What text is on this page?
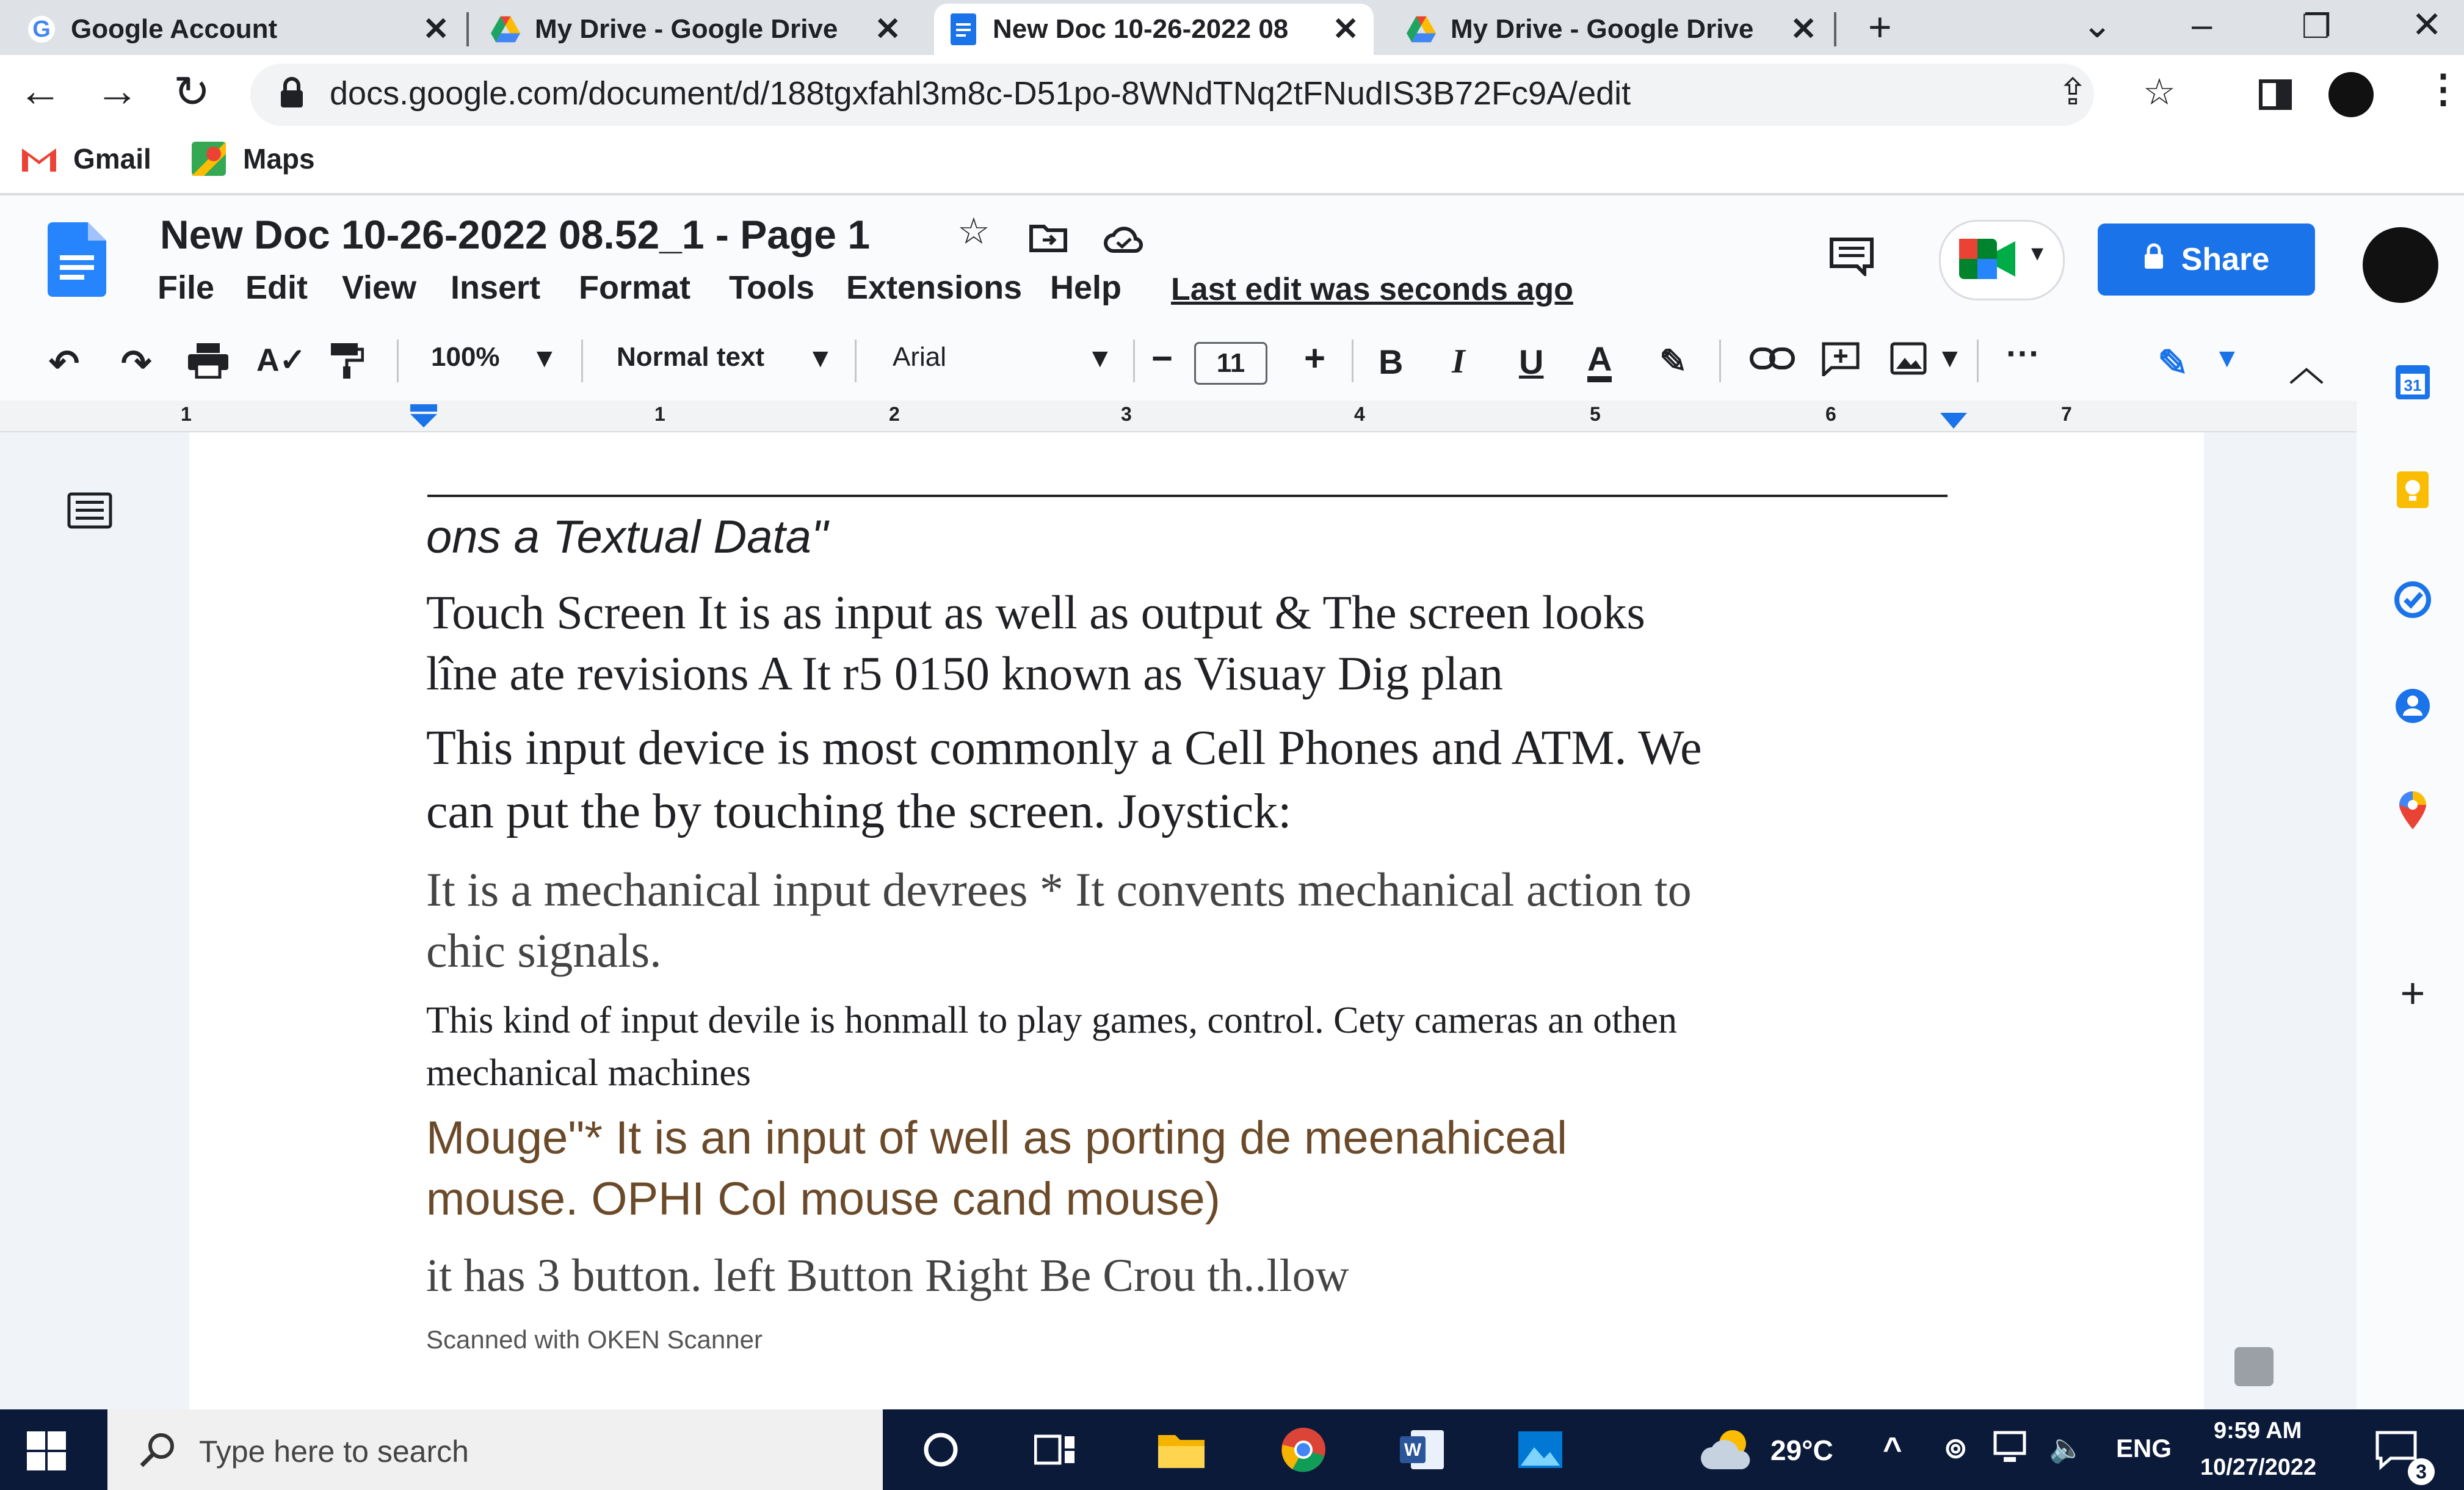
G Google Account	✕	My Drive - Google Drive	✕	New Doc 10-26-2022 08	✕	My Drive - Google Drive	✕ +	⌄ –	❐ ✕
← → ↻	docs.google.com/document/d/188tgxfahl3m8c-D51po-8WNdTNq2tFNudIS3B72Fc9A/edit	⇪ ☆	⋮
Gmail	Maps
New Doc 10-26-2022 08.52_1 - Page 1 ☆
File Edit View Insert Format Tools Extensions Help Last edit was seconds ago
▾	Share
↶ ↷	A✓	100% ▼ Normal text ▼ Arial	▼ −	11	+ B I U A ✎	▼ ···	✎ ▼ ︿
1	1	2	3	4	5	6	7
ons a Textual Data"
Touch Screen It is as input as well as output & The screen looks
lîne ate revisions A It r5 0150 known as Visuay Dig plan
This input device is most commonly a Cell Phones and ATM. We
can put the by touching the screen. Joystick:
It is a mechanical input devrees * It convents mechanical action to
chic signals.
This kind of input devile is honmall to play games, control. Cety cameras an othen
mechanical machines
Mouge"* It is an input of well as porting de meenahiceal
mouse. OPHI Col mouse cand mouse)
it has 3 button. left Button Right Be Crou th..llow
Scanned with OKEN Scanner
31
+
Type here to search	W	29°C ^ ⊚	🔈 ENG
9:59 AM
10/27/2022	3
